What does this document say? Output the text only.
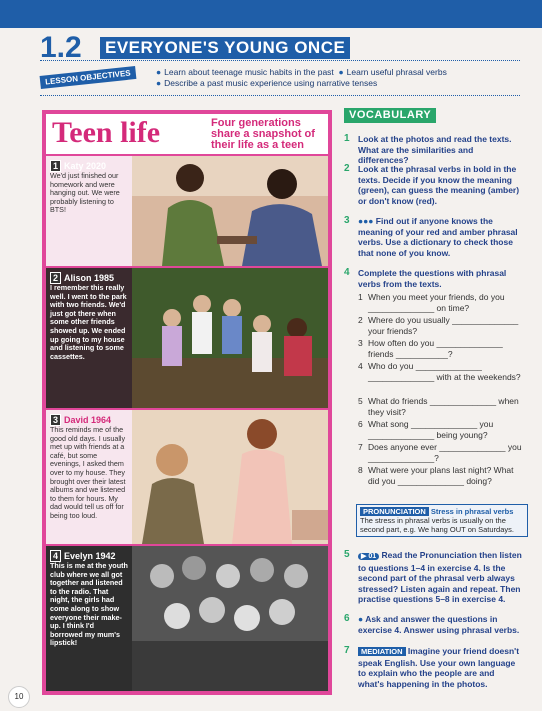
1.2 EVERYONE'S YOUNG ONCE
LESSON OBJECTIVES	● Learn about teenage music habits in the past ● Learn useful phrasal verbs
● Describe a past music experience using narrative tenses
Teen life	Four generations share a snapshot of their life as a teen
1 Katy 2020
We'd just finished our homework and were hanging out. We were probably listening to BTS!
2 Alison 1985
I remember this really well. I went to the park with two friends. We'd just got there when some other friends showed up. We ended up going to my house and listening to some cassettes.
3 David 1964
This reminds me of the good old days. I usually met up with friends at a café, but some evenings, I asked them over to my house. They brought over their latest albums and we listened to them for hours. My dad would tell us off for being too loud.
4 Evelyn 1942
This is me at the youth club where we all got together and listened to the radio. That night, the girls had come along to show everyone their make-up. I think I'd borrowed my mum's lipstick!
VOCABULARY
1 Look at the photos and read the texts. What are the similarities and differences?
2 Look at the phrasal verbs in bold in the texts. Decide if you know the meaning (green), can guess the meaning (amber) or don't know (red).
3 ●●● Find out if anyone knows the meaning of your red and amber phrasal verbs. Use a dictionary to check those that none of you know.
4 Complete the questions with phrasal verbs from the texts.
1 When you meet your friends, do you ______________ on time?
2 Where do you usually ______________ your friends?
3 How often do you ______________ friends ___________?
4 Who do you ______________ ______________ with at the weekends?
5 What do friends ______________ when they visit?
6 What song ______________ you ______________ being young?
7 Does anyone ever ______________ you ______________?
8 What were your plans last night? What did you ______________ doing?
PRONUNCIATION Stress in phrasal verbs
The stress in phrasal verbs is usually on the second part, e.g. We hang OUT on Saturdays.
5	▶ 01 Read the Pronunciation then listen to questions 1–4 in exercise 4. Is the second part of the phrasal verb always stressed? Listen again and repeat. Then practise questions 5–8 in exercise 4.
6 ● Ask and answer the questions in exercise 4. Answer using phrasal verbs.
7	MEDIATION Imagine your friend doesn't speak English. Use your own language to explain who the people are and what's happening in the photos.
10
